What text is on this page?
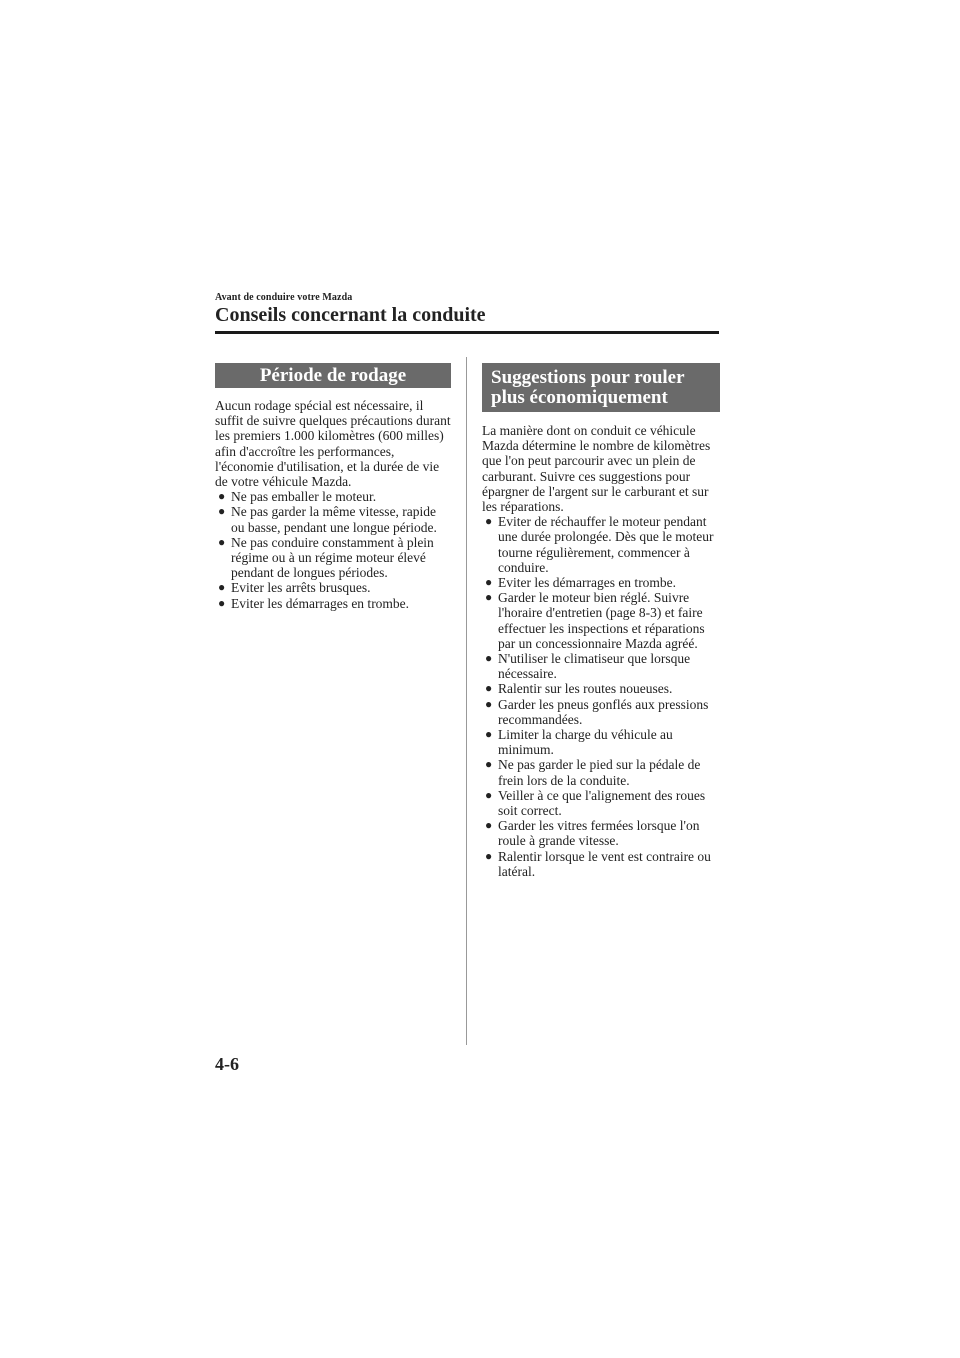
Avant de conduire votre Mazda
Conseils concernant la conduite
Période de rodage

Aucun rodage spécial est nécessaire, il suffit de suivre quelques précautions durant les premiers 1.000 kilomètres (600 milles) afin d'accroître les performances, l'économie d'utilisation, et la durée de vie de votre véhicule Mazda.

● Ne pas emballer le moteur.
● Ne pas garder la même vitesse, rapide ou basse, pendant une longue période.
● Ne pas conduire constamment à plein régime ou à un régime moteur élevé pendant de longues périodes.
● Eviter les arrêts brusques.
● Eviter les démarrages en trombe.
Suggestions pour rouler
plus économiquement

La manière dont on conduit ce véhicule Mazda détermine le nombre de kilomètres que l'on peut parcourir avec un plein de carburant. Suivre ces suggestions pour épargner de l'argent sur le carburant et sur les réparations.

● Eviter de réchauffer le moteur pendant une durée prolongée. Dès que le moteur tourne régulièrement, commencer à conduire.
● Eviter les démarrages en trombe.
● Garder le moteur bien réglé. Suivre l'horaire d'entretien (page 8-3) et faire effectuer les inspections et réparations par un concessionnaire Mazda agréé.
● N'utiliser le climatiseur que lorsque nécessaire.
● Ralentir sur les routes noueuses.
● Garder les pneus gonflés aux pressions recommandées.
● Limiter la charge du véhicule au minimum.
● Ne pas garder le pied sur la pédale de frein lors de la conduite.
● Veiller à ce que l'alignement des roues soit correct.
● Garder les vitres fermées lorsque l'on roule à grande vitesse.
● Ralentir lorsque le vent est contraire ou latéral.
4-6
